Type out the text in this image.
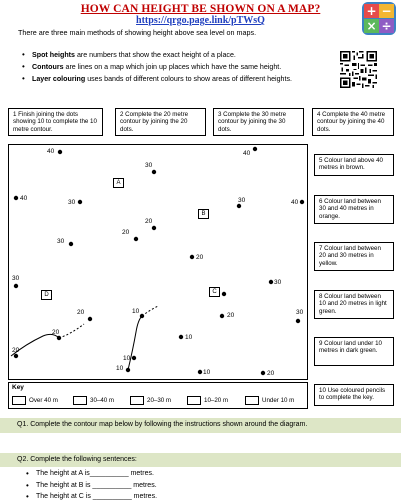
HOW CAN HEIGHT BE SHOWN ON A MAP?
https://qrgo.page.link/pTWsQ
+ −
× ÷
There are three main methods of showing height above sea level on maps.
• Spot heights are numbers that show the exact height of a place.
• Contours are lines on a map which join up places which have the same height.
• Layer colouring uses bands of different colours to show areas of different heights.
1 Finish joining the dots showing 10 to complete the 10 metre contour.
2 Complete the 20 metre contour by joining the 20 dots.
3 Complete the 30 metre contour by joining the 30 dots.
4 Complete the 40 metre contour by joining the 40 dots.
5 Colour land above 40 metres in brown.
6 Colour land between 30 and 40 metres in orange.
7 Colour land between 20 and 30 metres in yellow.
8 Colour land between 10 and 20 metres in light green.
9 Colour land under 10 metres in dark green.
10 Use coloured pencils to complete the key.
40	40
30
40
30	30	40
20
20
30
20
30
30
20	30
20	10
20
10
20
10
10
10	20
A
B
C
D
Key
Over 40 m	30–40 m	20–30 m	10–20 m	Under 10 m
Q1. Complete the contour map below by following the instructions shown around the diagram.
Q2. Complete the following sentences:
• The height at A is__________ metres.
• The height at B is __________ metres.
• The height at C is __________ metres.
